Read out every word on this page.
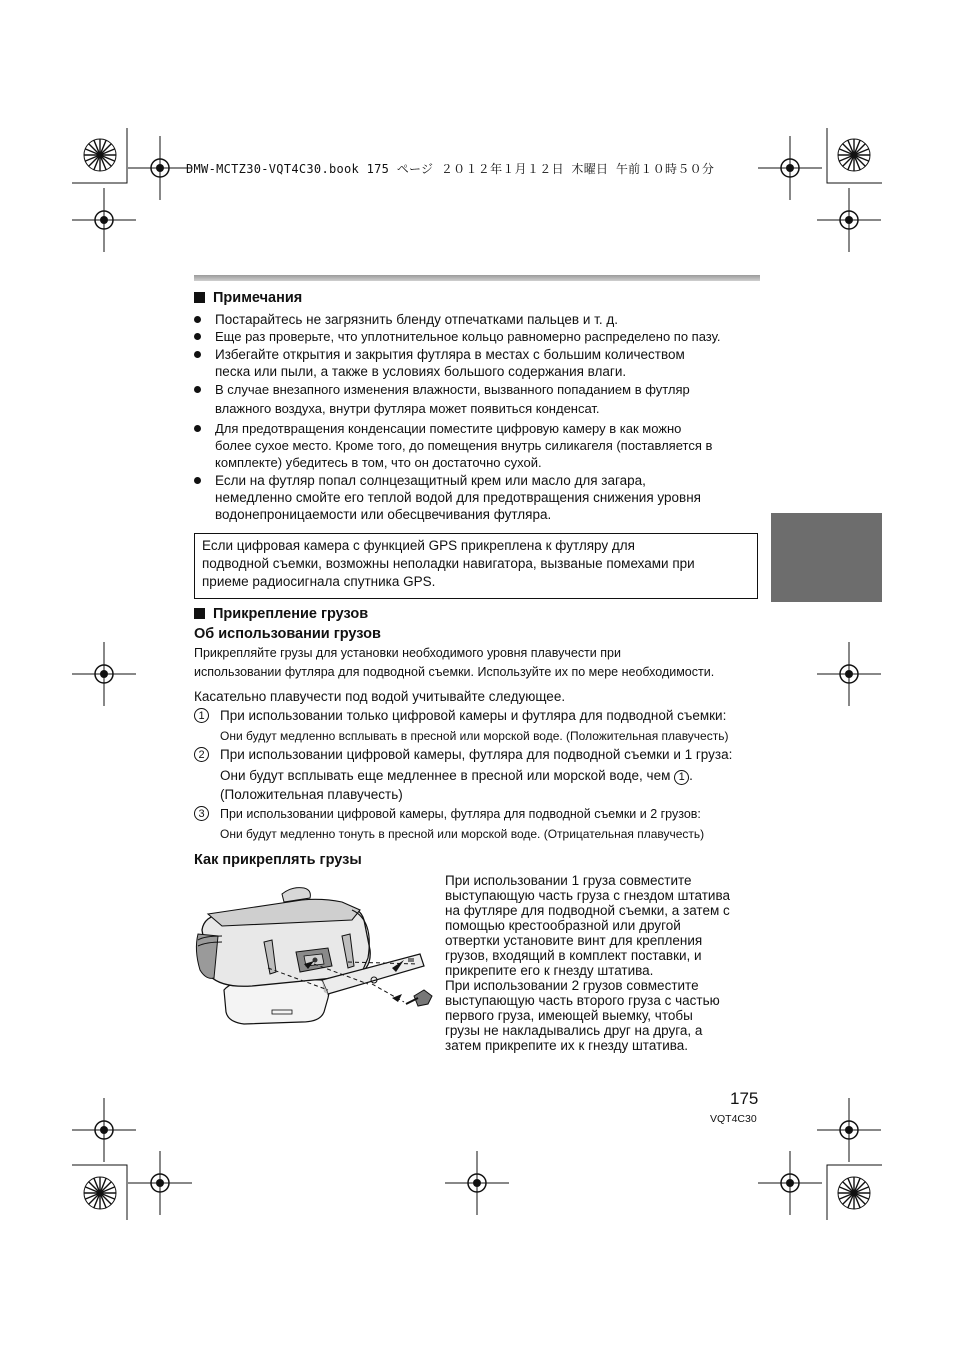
DMW-MCTZ30-VQT4C30.book 175 ページ ２０１２年１月１２日 木曜日 午前１０時５０分
Примечания
Постарайтесь не загрязнить бленду отпечатками пальцев и т. д.
Еще раз проверьте, что уплотнительное кольцо равномерно распределено по пазу.
Избегайте открытия и закрытия футляра в местах с большим количеством
песка или пыли, а также в условиях большого содержания влаги.
В случае внезапного изменения влажности, вызванного попаданием в футляр
влажного воздуха, внутри футляра может появиться конденсат.
Для предотвращения конденсации поместите цифровую камеру в как можно
более сухое место. Кроме того, до помещения внутрь силикагеля (поставляется в
комплекте) убедитесь в том, что он достаточно сухой.
Если на футляр попал солнцезащитный крем или масло для загара,
немедленно смойте его теплой водой для предотвращения снижения уровня
водонепроницаемости или обесцвечивания футляра.
Если цифровая камера с функцией GPS прикреплена к футляру для
подводной съемки, возможны неполадки навигатора, вызваные помехами при
приеме радиосигнала спутника GPS.
Прикрепление грузов
Об использовании грузов
Прикрепляйте грузы для установки необходимого уровня плавучести при
использовании футляра для подводной съемки. Используйте их по мере необходимости.
Касательно плавучести под водой учитывайте следующее.
1	При использовании только цифровой камеры и футляра для подводной съемки:
Они будут медленно всплывать в пресной или морской воде. (Положительная плавучесть)
2	При использовании цифровой камеры, футляра для подводной съемки и 1 груза:
Они будут всплывать еще медленнее в пресной или морской воде, чем 1 .
(Положительная плавучесть)
3	При использовании цифровой камеры, футляра для подводной съемки и 2 грузов:
Они будут медленно тонуть в пресной или морской воде. (Отрицательная плавучесть)
Как прикреплять грузы
При использовании 1 груза совместите
выступающую часть груза с гнездом штатива
на футляре для подводной съемки, а затем с
помощью крестообразной или другой
отвертки установите винт для крепления
грузов, входящий в комплект поставки, и
прикрепите его к гнезду штатива.
При использовании 2 грузов совместите
выступающую часть второго груза с частью
первого груза, имеющей выемку, чтобы
грузы не накладывались друг на друга, а
затем прикрепите их к гнезду штатива.
175
VQT4C30
